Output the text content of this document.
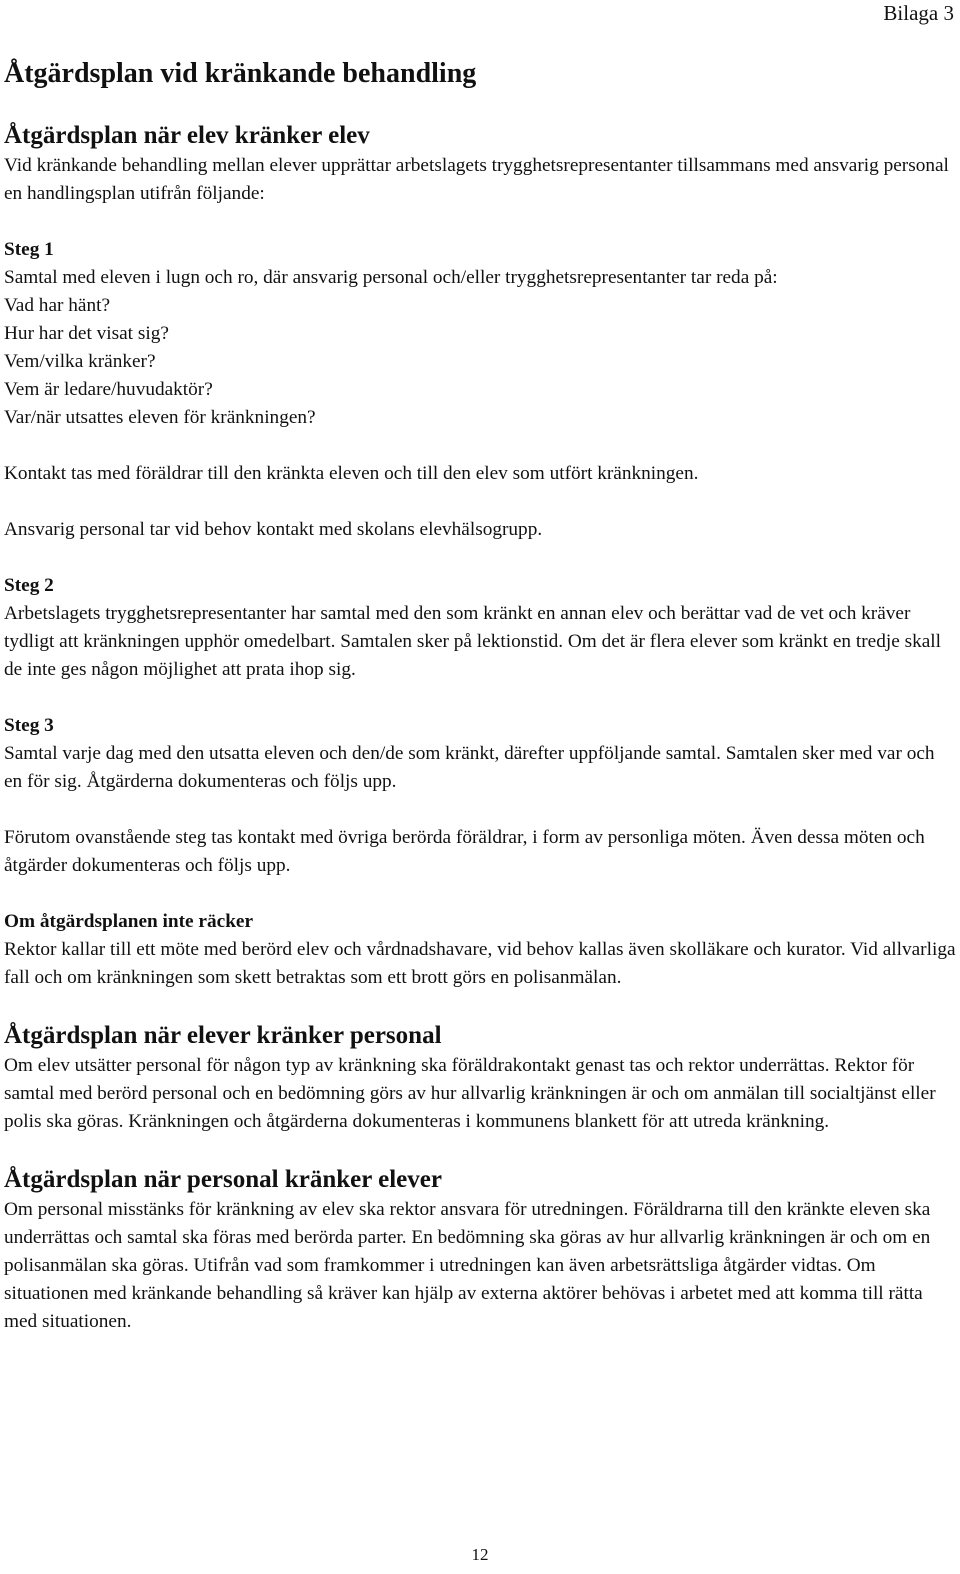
Bilaga 3
Åtgärdsplan vid kränkande behandling
Åtgärdsplan när elev kränker elev

Vid kränkande behandling mellan elever upprättar arbetslagets trygghetsrepresentanter tillsammans med ansvarig personal en handlingsplan utifrån följande:

Steg 1

Samtal med eleven i lugn och ro, där ansvarig personal och/eller trygghetsrepresentanter tar reda på:

Vad har hänt?
Hur har det visat sig?
Vem/vilka kränker?
Vem är ledare/huvudaktör?
Var/när utsattes eleven för kränkningen?

Kontakt tas med föräldrar till den kränkta eleven och till den elev som utfört kränkningen.

Ansvarig personal tar vid behov kontakt med skolans elevhälsogrupp.

Steg 2

Arbetslagets trygghetsrepresentanter har samtal med den som kränkt en annan elev och berättar vad de vet och kräver tydligt att kränkningen upphör omedelbart. Samtalen sker på lektionstid. Om det är flera elever som kränkt en tredje skall de inte ges någon möjlighet att prata ihop sig.

Steg 3

Samtal varje dag med den utsatta eleven och den/de som kränkt, därefter uppföljande samtal. Samtalen sker med var och en för sig. Åtgärderna dokumenteras och följs upp.

Förutom ovanstående steg tas kontakt med övriga berörda föräldrar, i form av personliga möten. Även dessa möten och åtgärder dokumenteras och följs upp.

Om åtgärdsplanen inte räcker

Rektor kallar till ett möte med berörd elev och vårdnadshavare, vid behov kallas även skolläkare och kurator. Vid allvarliga fall och om kränkningen som skett betraktas som ett brott görs en polisanmälan.

Åtgärdsplan när elever kränker personal

Om elev utsätter personal för någon typ av kränkning ska föräldrakontakt genast tas och rektor underrättas. Rektor för samtal med berörd personal och en bedömning görs av hur allvarlig kränkningen är och om anmälan till socialtjänst eller polis ska göras. Kränkningen och åtgärderna dokumenteras i kommunens blankett för att utreda kränkning.

Åtgärdsplan när personal kränker elever

Om personal misstänks för kränkning av elev ska rektor ansvara för utredningen. Föräldrarna till den kränkte eleven ska underrättas och samtal ska föras med berörda parter. En bedömning ska göras av hur allvarlig kränkningen är och om en polisanmälan ska göras. Utifrån vad som framkommer i utredningen kan även arbetsrättsliga åtgärder vidtas. Om situationen med kränkande behandling så kräver kan hjälp av externa aktörer behövas i arbetet med att komma till rätta med situationen.

12
